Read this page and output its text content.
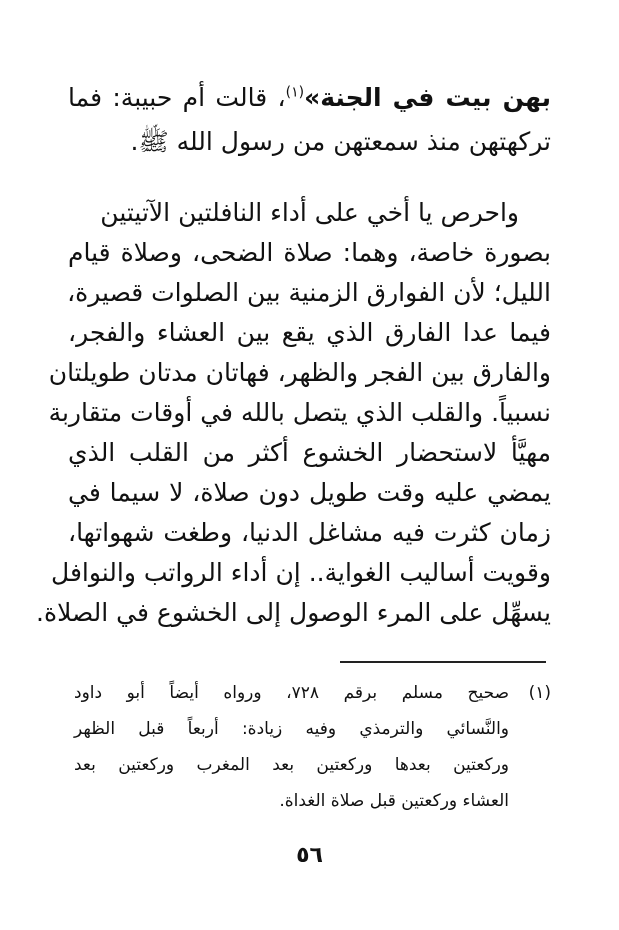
بهن بيت في الجنة»$^{(١)}$، قالت أم حبيبة: فما
تركهتهن منذ سمعتهن من رسول الله ﷺ.
واحرص يا أخي على أداء النافلتين الآتيتين
بصورة خاصة، وهما: صلاة الضحى، وصلاة قيام
الليل؛ لأن الفوارق الزمنية بين الصلوات قصيرة،
فيما عدا الفارق الذي يقع بين العشاء والفجر،
والفارق بين الفجر والظهر، فهاتان مدتان طويلتان
نسبياً. والقلب الذي يتصل بالله في أوقات متقاربة
مهيَّأ لاستحضار الخشوع أكثر من القلب الذي
يمضي عليه وقت طويل دون صلاة، لا سيما في
زمان كثرت فيه مشاغل الدنيا، وطغت شهواتها،
وقويت أساليب الغواية.. إن أداء الرواتب والنوافل
يسهِّل على المرء الوصول إلى الخشوع في الصلاة.
(١)
صحيح مسلم برقم ٧٢٨، ورواه أيضاً أبو داود
والنَّسائي والترمذي وفيه زيادة: أربعاً قبل الظهر
وركعتين بعدها وركعتين بعد المغرب وركعتين بعد
العشاء وركعتين قبل صلاة الغداة.
٥٦
